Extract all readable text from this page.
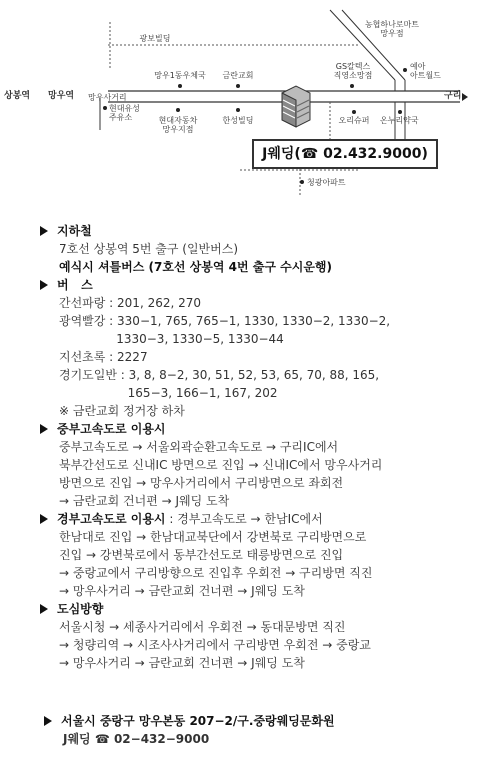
광보빌딩
농협하나로마트
망우점
망우1동우체국 금란교회
GS칼텍스
직영소망점
예아
아트월드
상봉역 망우역 망우사거리	구리
현대유성
주유소	현대자동차
망우지점
한성빌딩	오리슈퍼 온누리약국
J웨딩(☎ 02.432.9000)
청광아파트
지하철
7호선 상봉역 5번 출구 (일반버스)
예식시 셔틀버스 (7호선 상봉역 4번 출구 수시운행)
버   스
간선파랑 : 201, 262, 270
광역빨강 : 330−1, 765, 765−1, 1330, 1330−2, 1330−2,
1330−3, 1330−5, 1330−44
지선초록 : 2227
경기도일반 : 3, 8, 8−2, 30, 51, 52, 53, 65, 70, 88, 165,
165−3, 166−1, 167, 202
※ 금란교회 정거장 하차
중부고속도로 이용시
중부고속도로 → 서울외곽순환고속도로 → 구리IC에서
북부간선도로 신내IC 방면으로 진입 → 신내IC에서 망우사거리
방면으로 진입 → 망우사거리에서 구리방면으로 좌회전
→ 금란교회 건너편 → J웨딩 도착
경부고속도로 이용시 : 경부고속도로 → 한남IC에서
한남대로 진입 → 한남대교북단에서 강변북로 구리방면으로
진입 → 강변북로에서 동부간선도로 태릉방면으로 진입
→ 중랑교에서 구리방향으로 진입후 우회전 → 구리방면 직진
→ 망우사거리 → 금란교회 건너편 → J웨딩 도착
도심방향
서울시청 → 세종사거리에서 우회전 → 동대문방면 직진
→ 청량리역 → 시조사사거리에서 구리방면 우회전 → 중랑교
→ 망우사거리 → 금란교회 건너편 → J웨딩 도착
서울시 중랑구 망우본동 207−2/구.중랑웨딩문화원
J웨딩 ☎ 02−432−9000
